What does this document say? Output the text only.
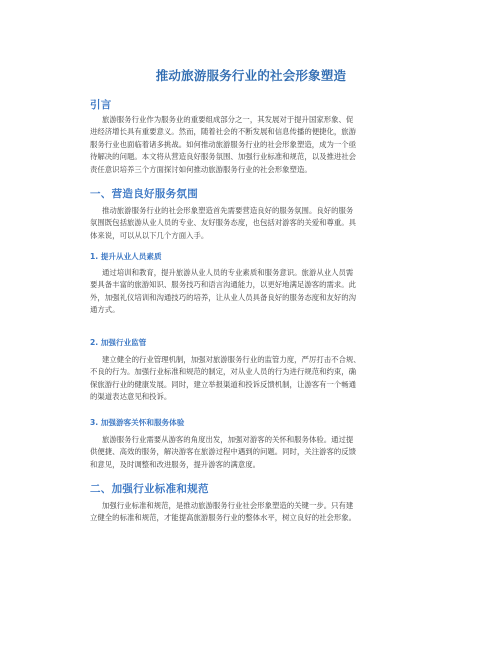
推动旅游服务行业的社会形象塑造
引言
旅游服务行业作为服务业的重要组成部分之一，其发展对于提升国家形象、促
进经济增长具有重要意义。然而，随着社会的不断发展和信息传播的便捷化，旅游
服务行业也面临着诸多挑战。如何推动旅游服务行业的社会形象塑造，成为一个亟
待解决的问题。本文将从营造良好服务氛围、加强行业标准和规范，以及推进社会
责任意识培养三个方面探讨如何推动旅游服务行业的社会形象塑造。
一、营造良好服务氛围
推动旅游服务行业的社会形象塑造首先需要营造良好的服务氛围。良好的服务
氛围既包括旅游从业人员的专业、友好服务态度，也包括对游客的关爱和尊重。具
体来说，可以从以下几个方面入手。
1. 提升从业人员素质
通过培训和教育，提升旅游从业人员的专业素质和服务意识。旅游从业人员需
要具备丰富的旅游知识、服务技巧和语言沟通能力，以更好地满足游客的需求。此
外，加强礼仪培训和沟通技巧的培养，让从业人员具备良好的服务态度和友好的沟
通方式。
2. 加强行业监管
建立健全的行业管理机制，加强对旅游服务行业的监管力度，严厉打击不合规、
不良的行为。加强行业标准和规范的制定，对从业人员的行为进行规范和约束，确
保旅游行业的健康发展。同时，建立举报渠道和投诉反馈机制，让游客有一个畅通
的渠道表达意见和投诉。
3. 加强游客关怀和服务体验
旅游服务行业需要从游客的角度出发，加强对游客的关怀和服务体验。通过提
供便捷、高效的服务，解决游客在旅游过程中遇到的问题。同时，关注游客的反馈
和意见，及时调整和改进服务，提升游客的满意度。
二、加强行业标准和规范
加强行业标准和规范，是推动旅游服务行业社会形象塑造的关键一步。只有建
立健全的标准和规范，才能提高旅游服务行业的整体水平，树立良好的社会形象。
